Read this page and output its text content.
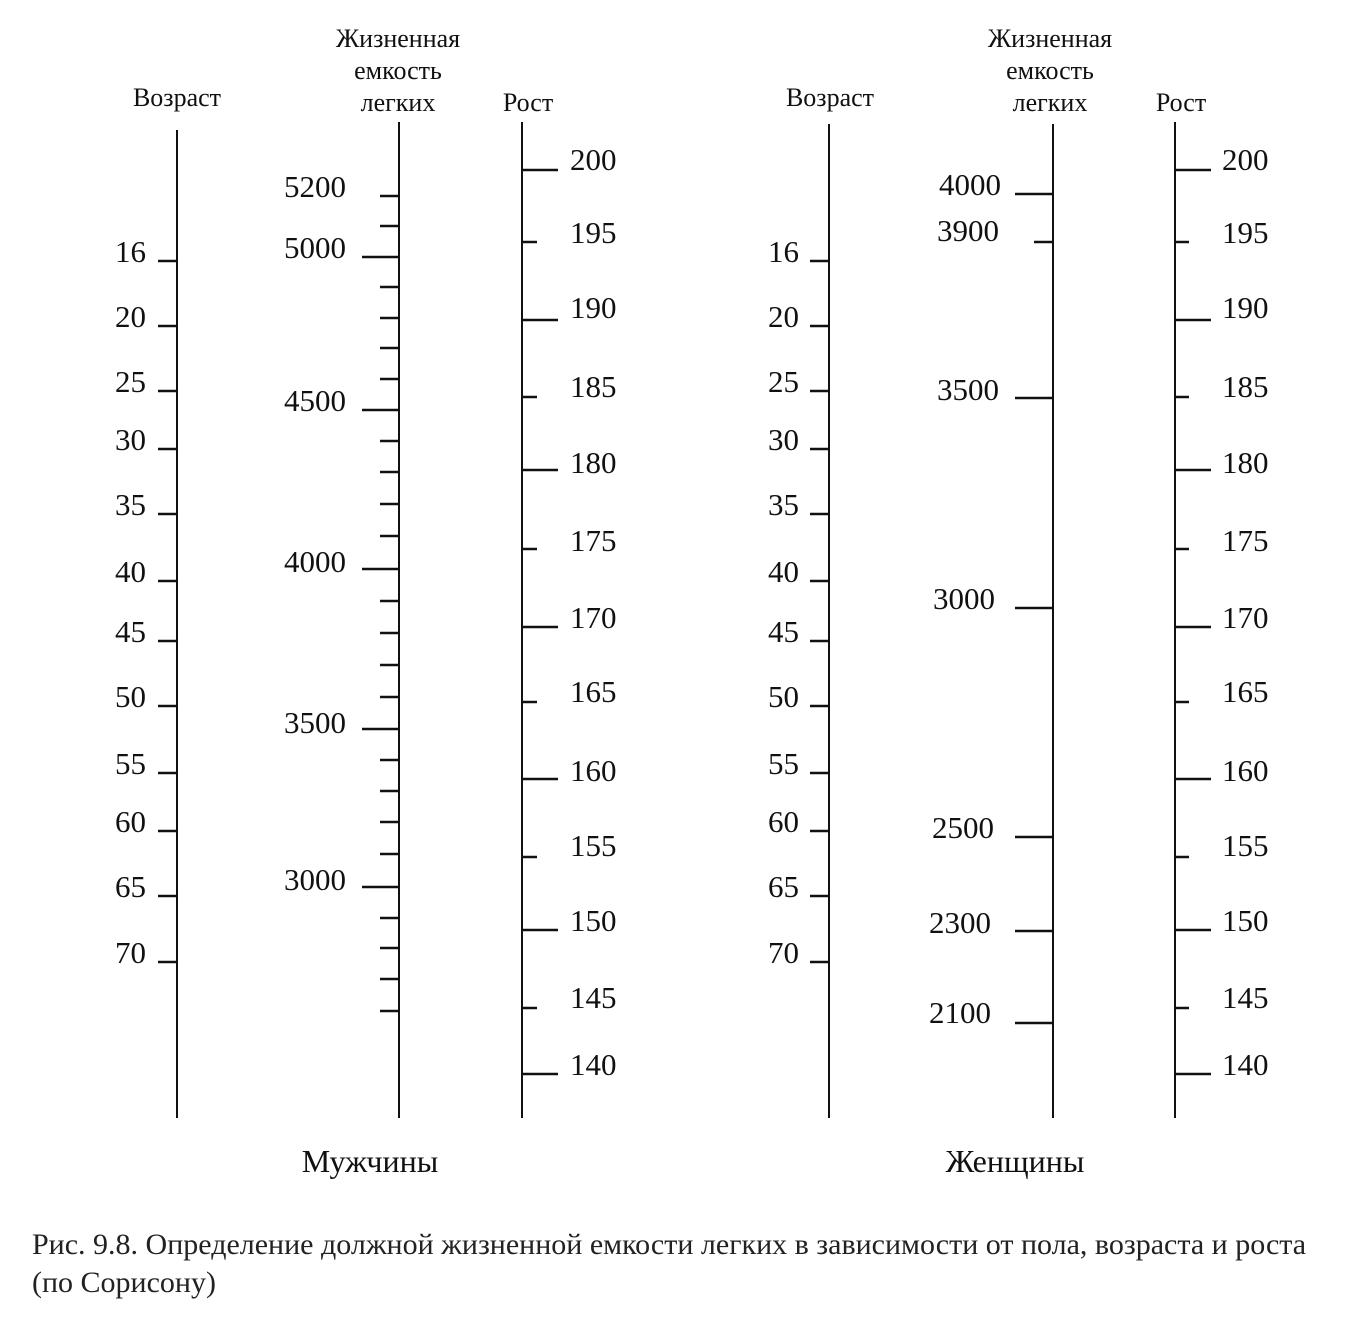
Возраст
Жизненная
емкость
легких	Рост
16
20
25
30
35
40
45
50
55
60
65
70
5200
5000
4500
4000
3500
3000
200
190
180
170
160
150
140
195
185
175
165
155
145
Мужчины
Возраст
Жизненная
емкость
легких	Рост
16
20
25
30
35
40
45
50
55
60
65
70
4000
3900
3500
3000
2500
2300
2100
200
190
180
170
160
150
140
195
185
175
165
155
145
Женщины

Рис. 9.8. Определение должной жизненной емкости легких в зависимости от пола, возраста и роста (по Сорисону)
